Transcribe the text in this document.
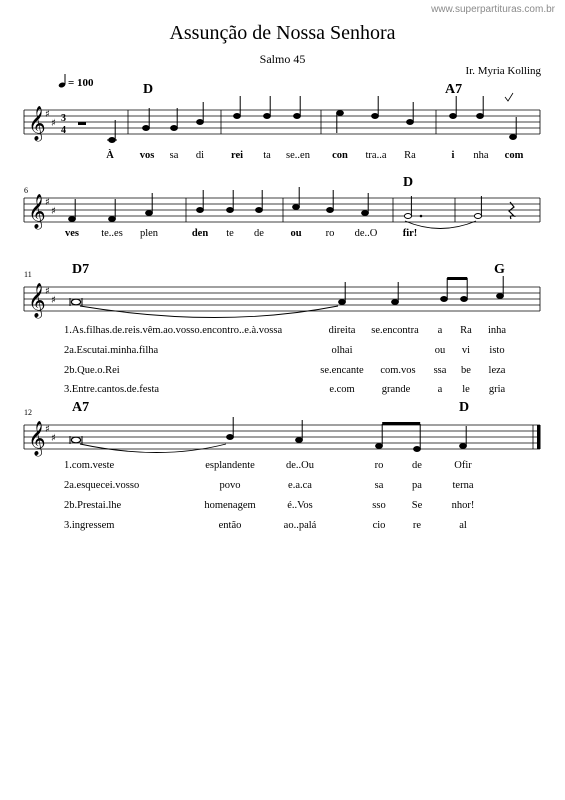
www.superpartituras.com.br
Assunção de Nossa Senhora
Salmo 45
Ir. Myria Kolling
= 100	D	A7
𝄞 ♯
♯ 3
4
À vos sa di	rei ta se..en con tra..a Ra	i nha com
6
D
𝄞 ♯
♯
ves te..es plen	den te de	ou ro de..O fir!
11	D7	G
𝄞 ♯
♯
1.As.filhas.de.reis.vêm.ao.vosso.encontro..e.à.vossa	direita se.encontra a Ra inha
2a.Escutai.minha.filha	olhai	ou vi isto
2b.Que.o.Rei	se.encante com.vos ssa be leza
3.Entre.cantos.de.festa	e.com	grande	a le gria
12	A7	D
𝄞 ♯
♯
1.com.veste	esplandente	de..Ou	ro	de	Ofir
2a.esquecei.vosso	povo	e.a.ca	sa	pa	terna
2b.Prestai.lhe	homenagem	é..Vos	sso Se	nhor!
3.ingressem	então	ao..palá	cio	re	al
